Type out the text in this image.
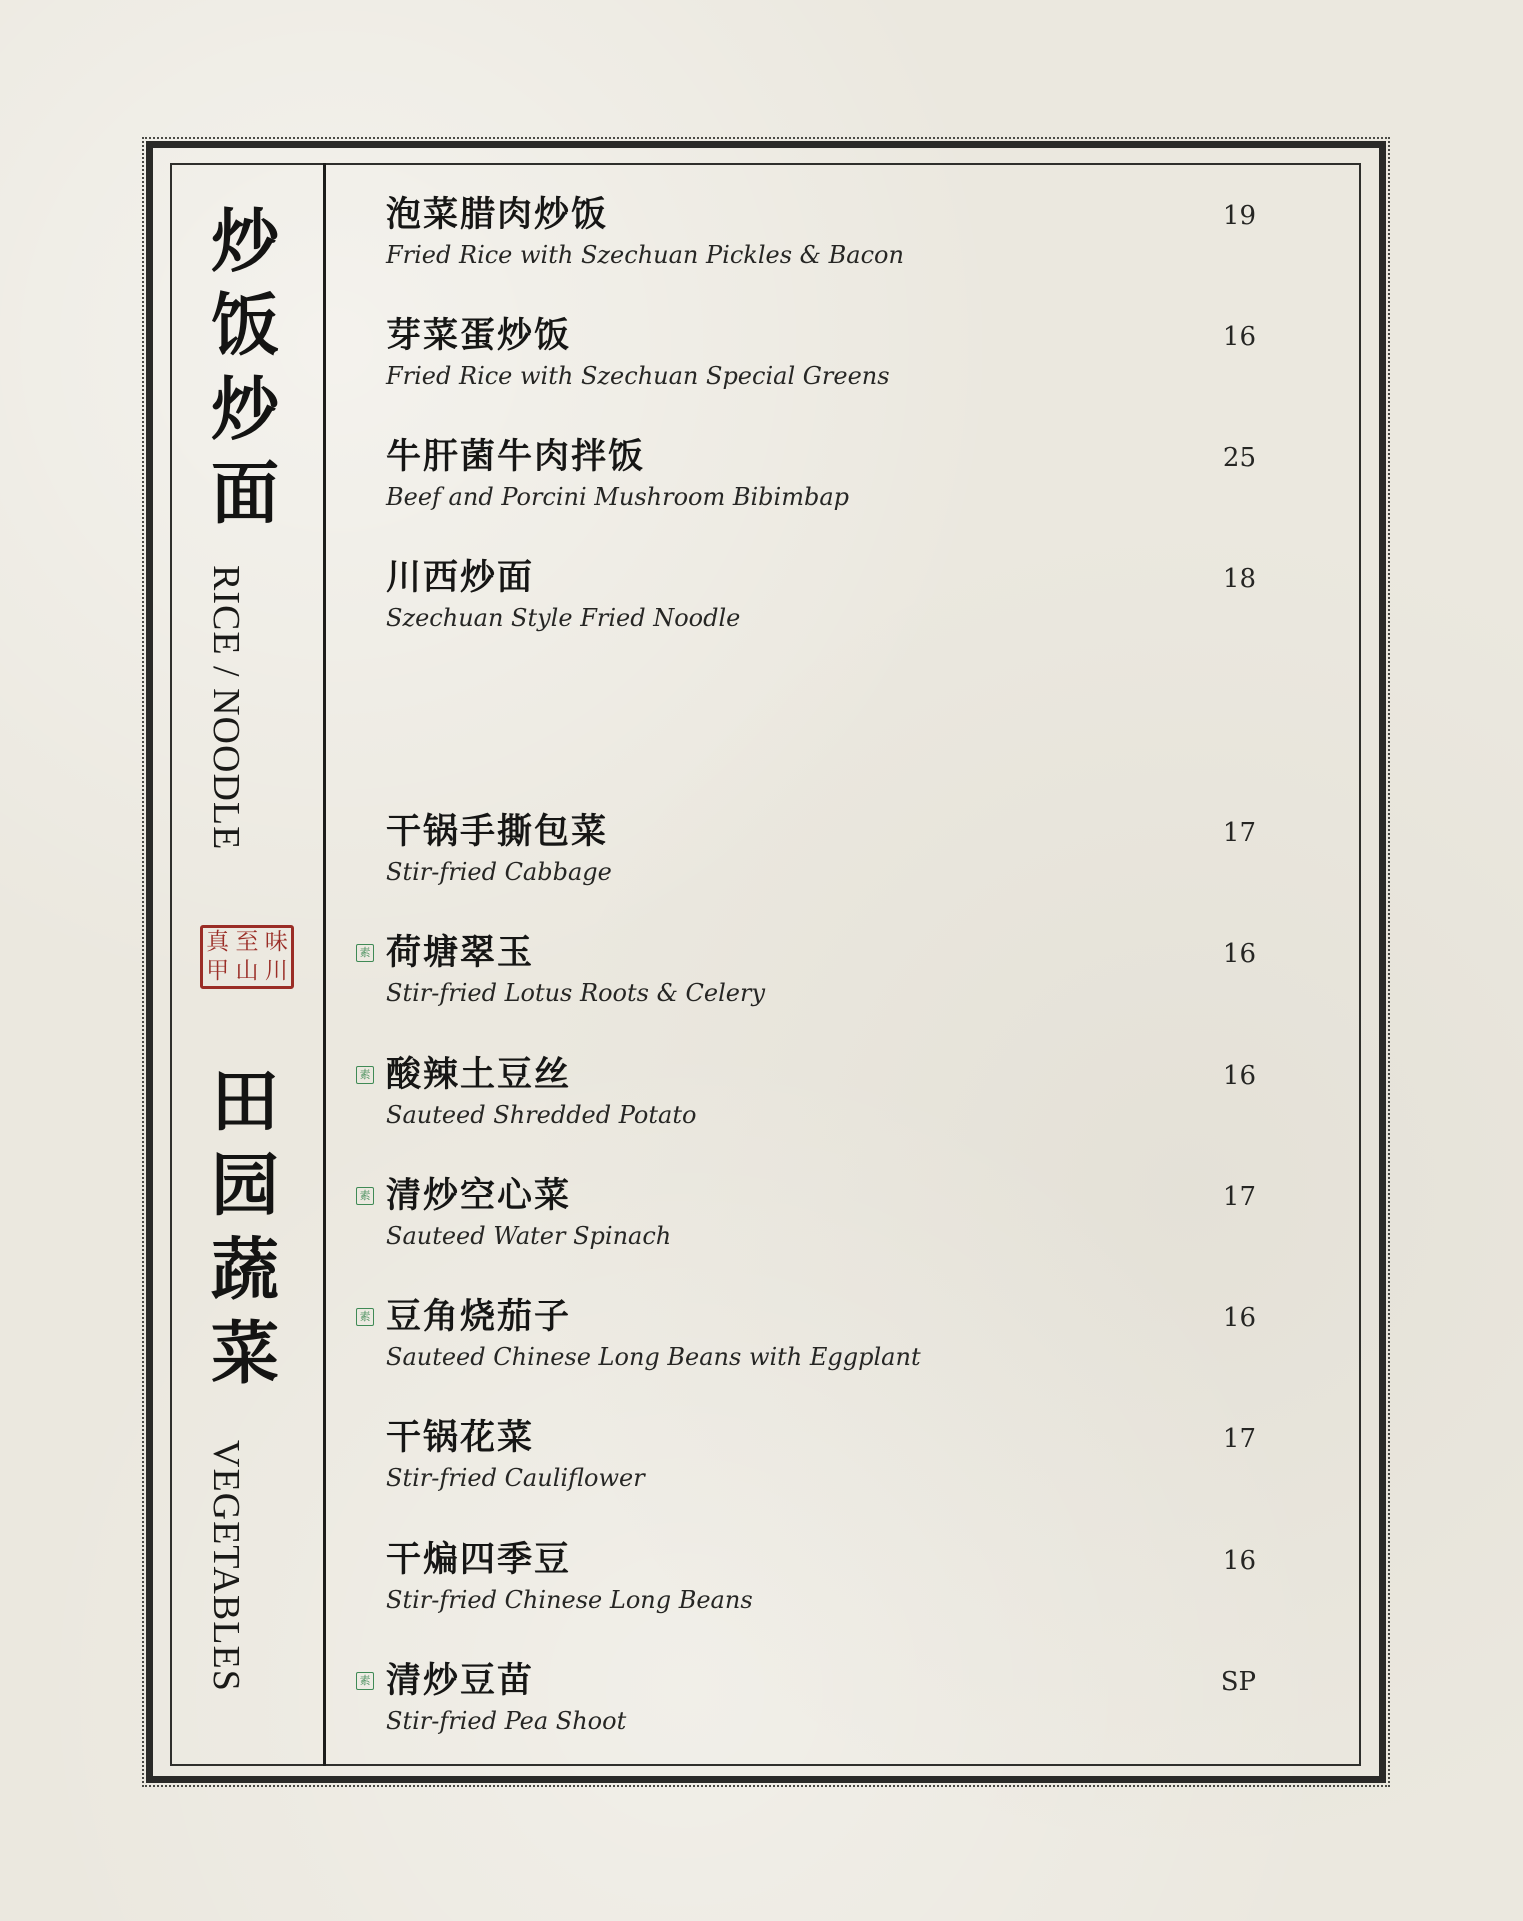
炒
饭
炒
面
RICE / NOODLE
真 至 味
甲 山 川
田
园
蔬
菜
VEGETABLES
泡菜腊肉炒饭
Fried Rice with Szechuan Pickles & Bacon
19
芽菜蛋炒饭
Fried Rice with Szechuan Special Greens
16
牛肝菌牛肉拌饭
Beef and Porcini Mushroom Bibimbap
25
川西炒面
Szechuan Style Fried Noodle
18
干锅手撕包菜
Stir-fried Cabbage
17
素 荷塘翠玉
Stir-fried Lotus Roots & Celery
16
素 酸辣土豆丝
Sauteed Shredded Potato
16
素 清炒空心菜
Sauteed Water Spinach
17
素 豆角烧茄子
Sauteed Chinese Long Beans with Eggplant
16
干锅花菜
Stir-fried Cauliflower
17
干煸四季豆
Stir-fried Chinese Long Beans
16
素 清炒豆苗
Stir-fried Pea Shoot
SP
